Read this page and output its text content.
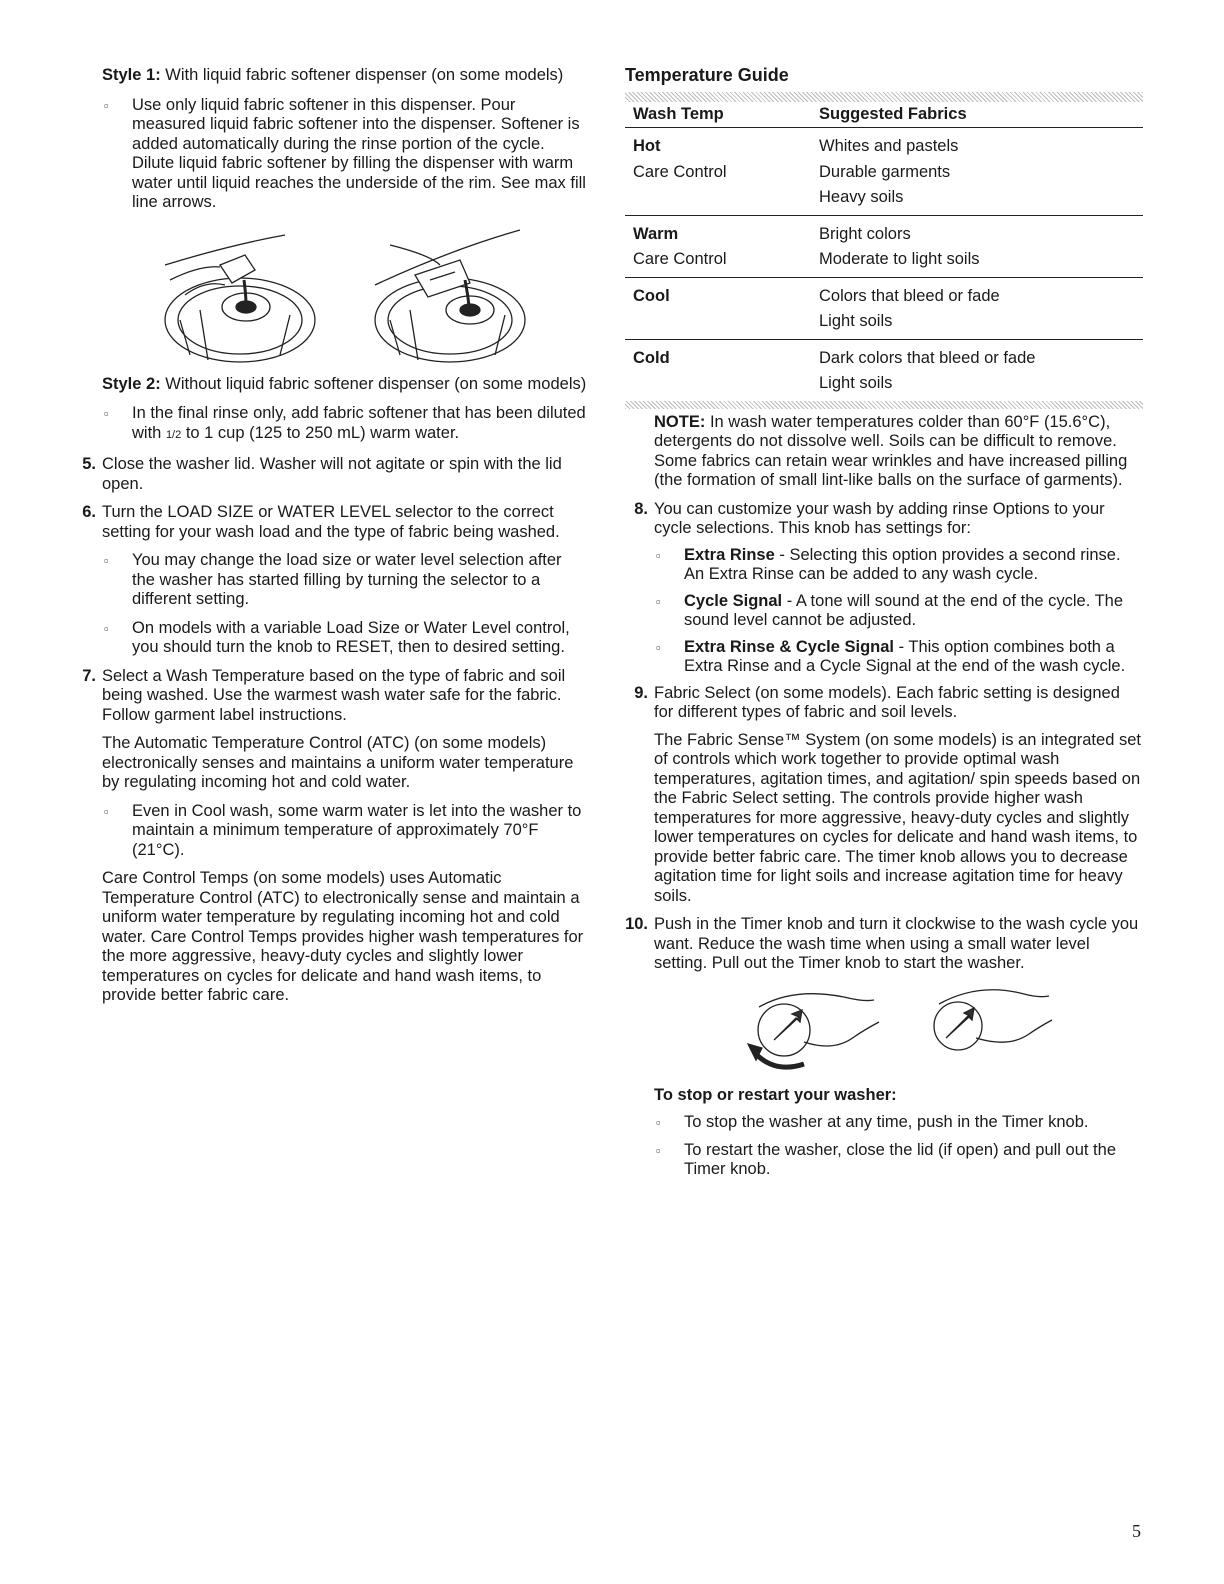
Style 1: With liquid fabric softener dispenser (on some models)

▫ Use only liquid fabric softener in this dispenser. Pour measured liquid fabric softener into the dispenser. Softener is added automatically during the rinse portion of the cycle. Dilute liquid fabric softener by filling the dispenser with warm water until liquid reaches the underside of the rim. See max fill line arrows.

Style 2: Without liquid fabric softener dispenser (on some models)

▫ In the final rinse only, add fabric softener that has been diluted with 1/2 to 1 cup (125 to 250 mL) warm water.

5. Close the washer lid. Washer will not agitate or spin with the lid open.

6. Turn the LOAD SIZE or WATER LEVEL selector to the correct setting for your wash load and the type of fabric being washed.

▫ You may change the load size or water level selection after the washer has started filling by turning the selector to a different setting.

▫ On models with a variable Load Size or Water Level control, you should turn the knob to RESET, then to desired setting.

7. Select a Wash Temperature based on the type of fabric and soil being washed. Use the warmest wash water safe for the fabric. Follow garment label instructions.

The Automatic Temperature Control (ATC) (on some models) electronically senses and maintains a uniform water temperature by regulating incoming hot and cold water.

▫ Even in Cool wash, some warm water is let into the washer to maintain a minimum temperature of approximately 70°F (21°C).

Care Control Temps (on some models) uses Automatic Temperature Control (ATC) to electronically sense and maintain a uniform water temperature by regulating incoming hot and cold water. Care Control Temps provides higher wash temperatures for the more aggressive, heavy-duty cycles and slightly lower temperatures on cycles for delicate and hand wash items, to provide better fabric care.

Temperature Guide
Wash Temp	Suggested Fabrics
Hot	Whites and pastels
Care Control	Durable garments
	Heavy soils
Warm	Bright colors
Care Control	Moderate to light soils
Cool	Colors that bleed or fade
	Light soils
Cold	Dark colors that bleed or fade
	Light soils

NOTE: In wash water temperatures colder than 60°F (15.6°C), detergents do not dissolve well. Soils can be difficult to remove. Some fabrics can retain wear wrinkles and have increased pilling (the formation of small lint-like balls on the surface of garments).

8. You can customize your wash by adding rinse Options to your cycle selections. This knob has settings for:

▫ Extra Rinse - Selecting this option provides a second rinse. An Extra Rinse can be added to any wash cycle.

▫ Cycle Signal - A tone will sound at the end of the cycle. The sound level cannot be adjusted.

▫ Extra Rinse & Cycle Signal - This option combines both a Extra Rinse and a Cycle Signal at the end of the wash cycle.

9. Fabric Select (on some models). Each fabric setting is designed for different types of fabric and soil levels.

The Fabric Sense™ System (on some models) is an integrated set of controls which work together to provide optimal wash temperatures, agitation times, and agitation/ spin speeds based on the Fabric Select setting. The controls provide higher wash temperatures for more aggressive, heavy-duty cycles and slightly lower temperatures on cycles for delicate and hand wash items, to provide better fabric care. The timer knob allows you to decrease agitation time for light soils and increase agitation time for heavy soils.

10. Push in the Timer knob and turn it clockwise to the wash cycle you want. Reduce the wash time when using a small water level setting. Pull out the Timer knob to start the washer.

To stop or restart your washer:

▫ To stop the washer at any time, push in the Timer knob.

▫ To restart the washer, close the lid (if open) and pull out the Timer knob.

5
